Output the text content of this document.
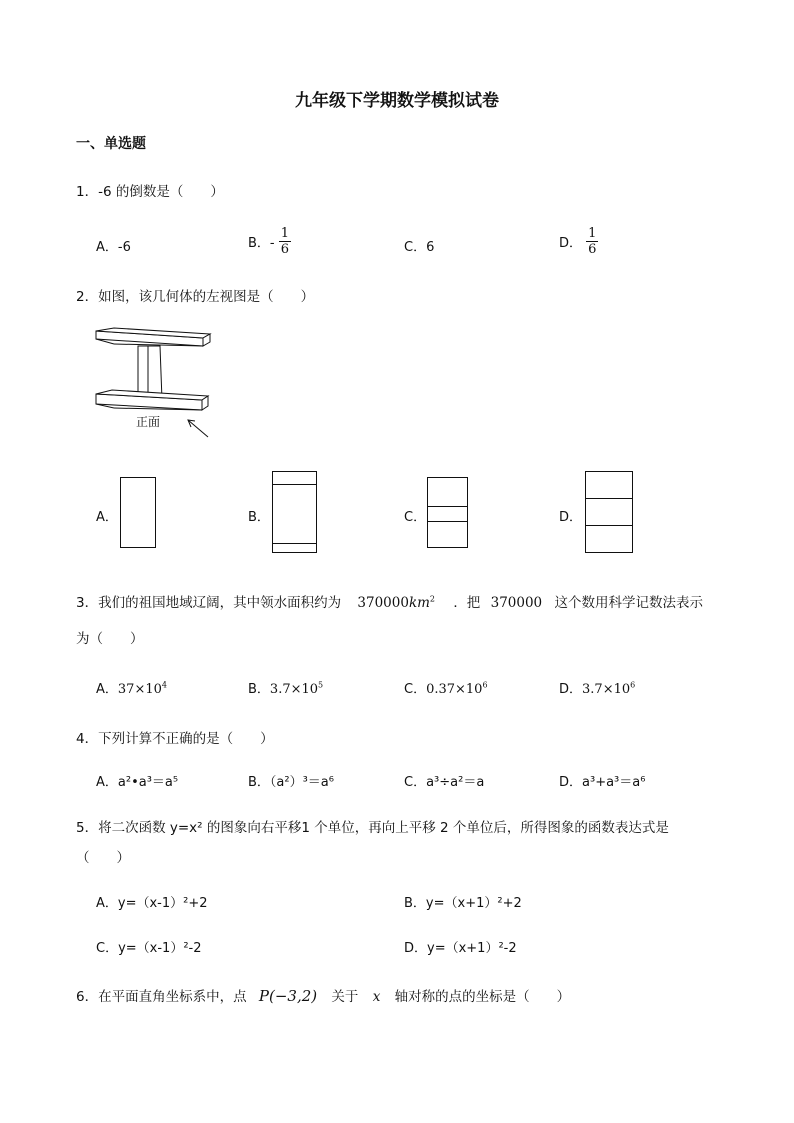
九年级下学期数学模拟试卷
一、单选题
1．-6 的倒数是（　　）
A．-6	B．- $\frac{1}{6}$	C．6	D． $\frac{1}{6}$
2．如图，该几何体的左视图是（　　）
正面
A．	B．	C．	D．
3．我们的祖国地域辽阔，其中领水面积约为 $370000km^2$ ．把 370000 这个数用科学记数法表示
为（　　）
A．$37\times 10^4$	B．$3.7\times 10^5$	C．$0.37\times 10^6$	D．$3.7\times 10^6$
4．下列计算不正确的是（　　）
A．a²•a³＝a⁵	B．（a²）³＝a⁶	C．a³÷a²＝a	D．a³+a³＝a⁶
5．将二次函数 y=x² 的图象向右平移1 个单位，再向上平移 2 个单位后，所得图象的函数表达式是
（　　）
A．y=（x-1）²+2	B．y=（x+1）²+2
C．y=（x-1）²-2	D．y=（x+1）²-2
6．在平面直角坐标系中，点 P(−3,2) 关于 x 轴对称的点的坐标是（　　）
